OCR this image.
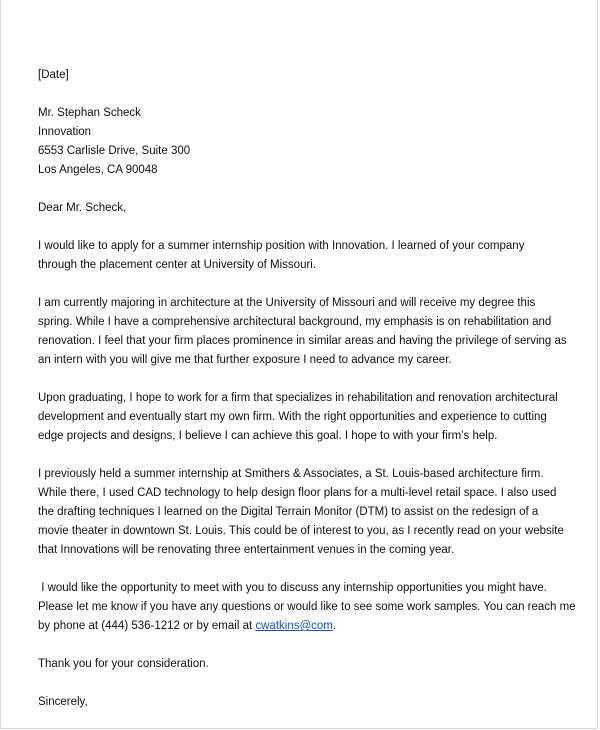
[Date]

Mr. Stephan Scheck
Innovation
6553 Carlisle Drive, Suite 300
Los Angeles, CA 90048

Dear Mr. Scheck,

I would like to apply for a summer internship position with Innovation. I learned of your company
through the placement center at University of Missouri.

I am currently majoring in architecture at the University of Missouri and will receive my degree this
spring. While I have a comprehensive architectural background, my emphasis is on rehabilitation and
renovation. I feel that your firm places prominence in similar areas and having the privilege of serving as
an intern with you will give me that further exposure I need to advance my career.

Upon graduating, I hope to work for a firm that specializes in rehabilitation and renovation architectural
development and eventually start my own firm. With the right opportunities and experience to cutting
edge projects and designs, I believe I can achieve this goal. I hope to with your firm’s help.

I previously held a summer internship at Smithers & Associates, a St. Louis-based architecture firm.
While there, I used CAD technology to help design floor plans for a multi-level retail space. I also used
the drafting techniques I learned on the Digital Terrain Monitor (DTM) to assist on the redesign of a
movie theater in downtown St. Louis. This could be of interest to you, as I recently read on your website
that Innovations will be renovating three entertainment venues in the coming year.

I would like the opportunity to meet with you to discuss any internship opportunities you might have.
Please let me know if you have any questions or would like to see some work samples. You can reach me
by phone at (444) 536-1212 or by email at cwatkins@com.

Thank you for your consideration.

Sincerely,
